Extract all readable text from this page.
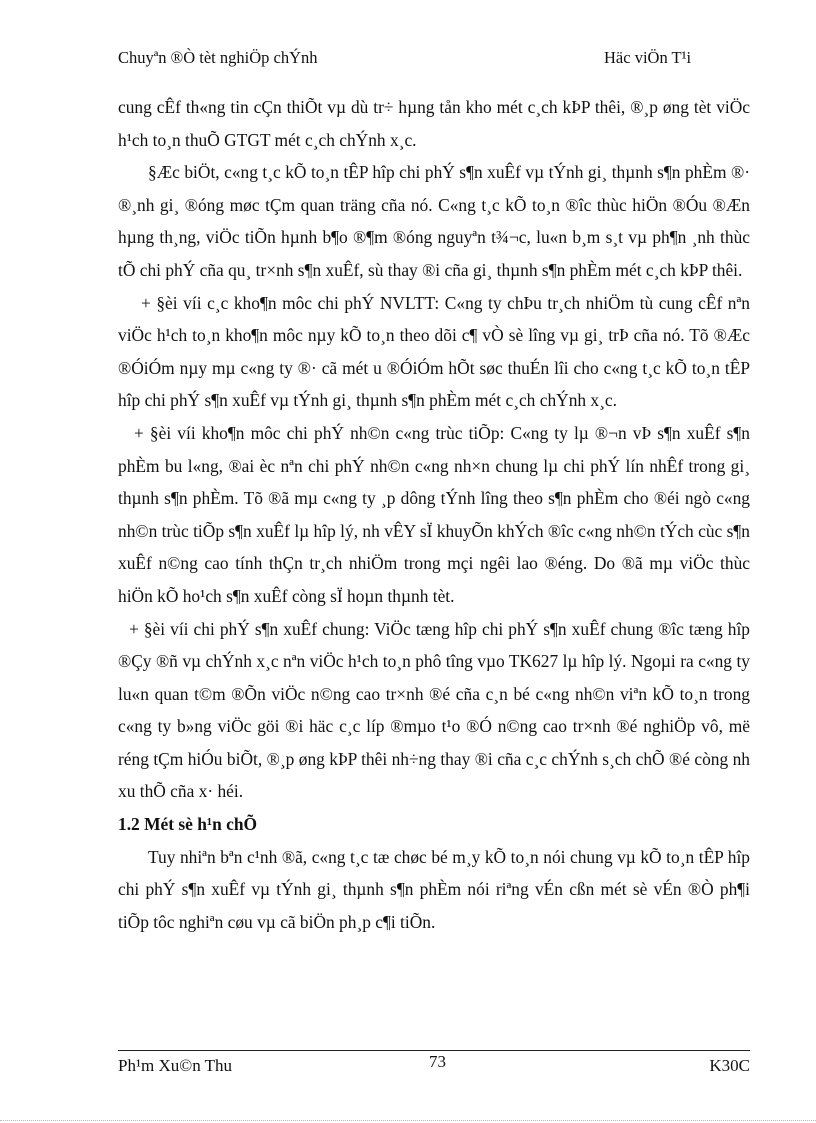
Chuyªn ®Ò tèt nghiÖp chÝnh	Häc viÖn T¹i

cung cÊf th«ng tin cÇn thiÕt vµ dù tr÷ hµng tån kho mét c¸ch kÞP thêi, ®¸p øng tèt viÖc h¹ch to¸n thuÕ GTGT mét c¸ch chÝnh x¸c.

§Æc biÖt, c«ng t¸c kÕ to¸n tÊP hîp chi phÝ s¶n xuÊf vµ tÝnh gi¸ thµnh s¶n phÈm ®· ®¸nh gi¸ ®óng møc tÇm quan träng cña nó. C«ng t¸c kÕ to¸n ®îc thùc hiÖn ®Óu ®Æn hµng th¸ng, viÖc tiÕn hµnh b¶o ®¶m ®óng nguyªn t¾¬c, lu«n b¸m s¸t vµ ph¶n ¸nh thùc tÕ chi phÝ cña qu¸ tr×nh s¶n xuÊf, sù thay ®i cña gi¸ thµnh s¶n phÈm mét c¸ch kÞP thêi.

+ §èi víi c¸c kho¶n môc chi phÝ NVLTT: C«ng ty chÞu tr¸ch nhiÖm tù cung cÊf nªn viÖc h¹ch to¸n kho¶n môc nµy kÕ to¸n theo dõi c¶ vÒ sè lîng vµ gi¸ trÞ cña nó. Tõ ®Æc ®ÓiÓm nµy mµ c«ng ty ®· cã mét u ®ÓiÓm hÕt søc thuÉn lîi cho c«ng t¸c kÕ to¸n tÊP hîp chi phÝ s¶n xuÊf vµ tÝnh gi¸ thµnh s¶n phÈm mét c¸ch chÝnh x¸c.

+ §èi víi kho¶n môc chi phÝ nh©n c«ng trùc tiÕp: C«ng ty lµ ®¬n vÞ s¶n xuÊf s¶n phÈm bu l«ng, ®ai èc nªn chi phÝ nh©n c«ng nh×n chung lµ chi phÝ lín nhÊf trong gi¸ thµnh s¶n phÈm. Tõ ®ã mµ c«ng ty ¸p dông tÝnh lîng theo s¶n phÈm cho ®éi ngò c«ng nh©n trùc tiÕp s¶n xuÊf lµ hîp lý, nh vÊY sÏ khuyÕn khÝch ®îc c«ng nh©n tÝch cùc s¶n xuÊf n©ng cao tính thÇn tr¸ch nhiÖm trong mçi ngêi lao ®éng. Do ®ã mµ viÖc thùc hiÖn kÕ ho¹ch s¶n xuÊf còng sÏ hoµn thµnh tèt.

+ §èi víi chi phÝ s¶n xuÊf chung: ViÖc tæng hîp chi phÝ s¶n xuÊf chung ®îc tæng hîp ®Çy ®ñ vµ chÝnh x¸c nªn viÖc h¹ch to¸n phô tîng vµo TK627 lµ hîp lý. Ngoµi ra c«ng ty lu«n quan t©m ®Õn viÖc n©ng cao tr×nh ®é cña c¸n bé c«ng nh©n viªn kÕ to¸n trong c«ng ty b»ng viÖc göi ®i häc c¸c líp ®mµo t¹o ®Ó n©ng cao tr×nh ®é nghiÖp vô, më réng tÇm hiÓu biÕt, ®¸p øng kÞP thêi nh÷ng thay ®i cña c¸c chÝnh s¸ch chÕ ®é còng nh xu thÕ cña x· héi.

1.2 Mét sè h¹n chÕ

Tuy nhiªn bªn c¹nh ®ã, c«ng t¸c tæ chøc bé m¸y kÕ to¸n nói chung vµ kÕ to¸n tÊP hîp chi phÝ s¶n xuÊf vµ tÝnh gi¸ thµnh s¶n phÈm nói riªng vÉn cßn mét sè vÉn ®Ò ph¶i tiÕp tôc nghiªn cøu vµ cã biÖn ph¸p c¶i tiÕn.

Ph¹m Xu©n Thu	73	K30C
